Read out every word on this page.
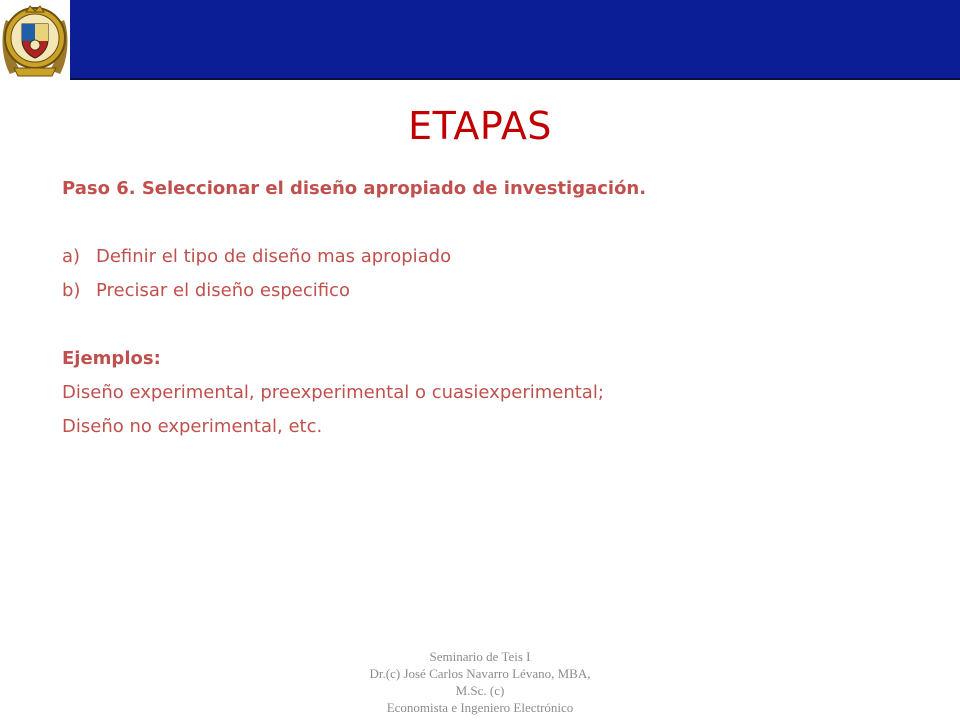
ETAPAS
Paso 6. Seleccionar el diseño apropiado de investigación.
a) Definir el tipo de diseño mas apropiado
b) Precisar el diseño especifico
Ejemplos:
Diseño experimental, preexperimental o cuasiexperimental;
Diseño no experimental, etc.
Seminario de Teis I
Dr.(c) José Carlos Navarro Lévano, MBA,
M.Sc. (c)
Economista e Ingeniero Electrónico
